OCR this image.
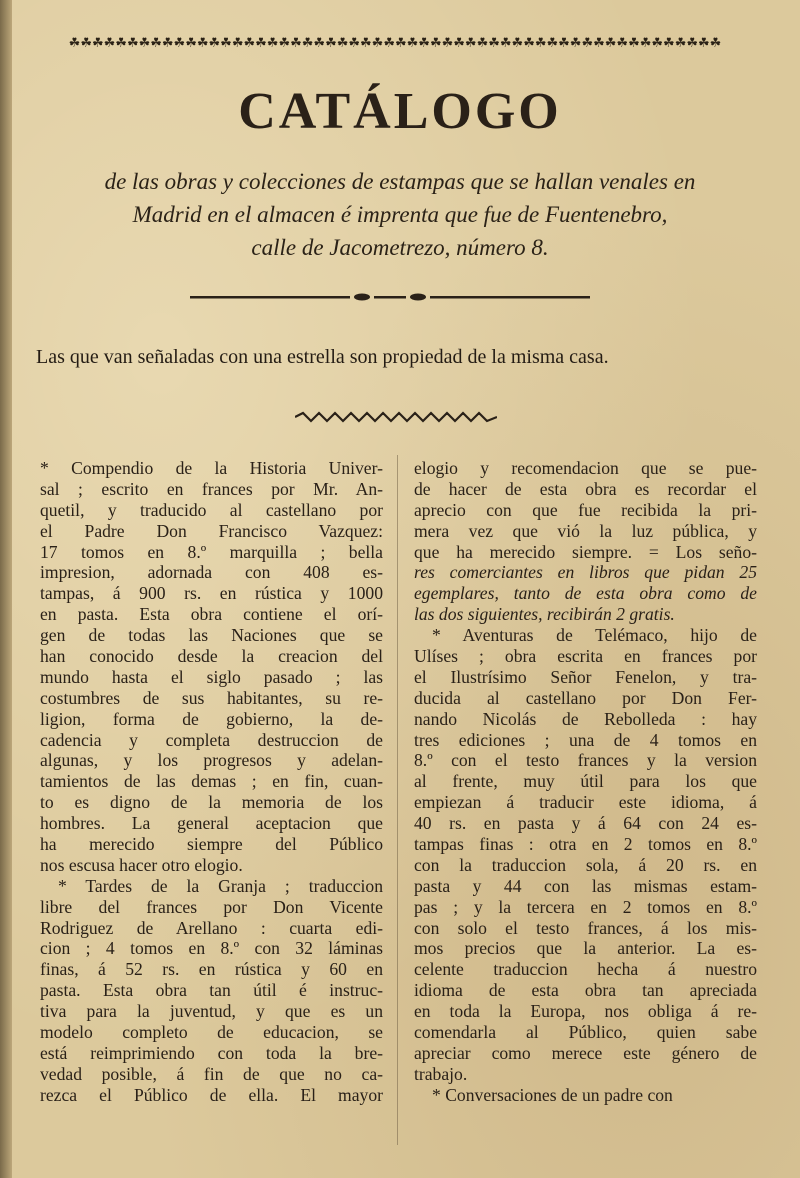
☘☘☘☘☘☘☘☘☘☘☘☘☘☘☘☘☘☘☘☘☘☘☘☘☘☘☘☘☘☘☘☘☘☘☘☘☘☘☘☘☘☘☘☘☘☘☘☘☘☘☘☘☘☘☘☘
CATÁLOGO
de las obras y colecciones de estampas que se hallan venales en
Madrid en el almacen é imprenta que fue de Fuentenebro,
calle de Jacometrezo, número 8.
Las que van señaladas con una estrella son propiedad de la misma casa.
* Compendio de la Historia Univer-
sal ; escrito en frances por Mr. An-
quetil, y traducido al castellano por
el Padre Don Francisco Vazquez:
17 tomos en 8.º marquilla ; bella
impresion, adornada con 408 es-
tampas, á 900 rs. en rústica y 1000
en pasta. Esta obra contiene el orí-
gen de todas las Naciones que se
han conocido desde la creacion del
mundo hasta el siglo pasado ; las
costumbres de sus habitantes, su re-
ligion, forma de gobierno, la de-
cadencia y completa destruccion de
algunas, y los progresos y adelan-
tamientos de las demas ; en fin, cuan-
to es digno de la memoria de los
hombres. La general aceptacion que
ha merecido siempre del Público
nos escusa hacer otro elogio.
* Tardes de la Granja ; traduccion
libre del frances por Don Vicente
Rodriguez de Arellano : cuarta edi-
cion ; 4 tomos en 8.º con 32 láminas
finas, á 52 rs. en rústica y 60 en
pasta. Esta obra tan útil é instruc-
tiva para la juventud, y que es un
modelo completo de educacion, se
está reimprimiendo con toda la bre-
vedad posible, á fin de que no ca-
rezca el Público de ella. El mayor
elogio y recomendacion que se pue-
de hacer de esta obra es recordar el
aprecio con que fue recibida la pri-
mera vez que vió la luz pública, y
que ha merecido siempre. = Los seño-
res comerciantes en libros que pidan 25
egemplares, tanto de esta obra como de
las dos siguientes, recibirán 2 gratis.
* Aventuras de Telémaco, hijo de
Ulíses ; obra escrita en frances por
el Ilustrísimo Señor Fenelon, y tra-
ducida al castellano por Don Fer-
nando Nicolás de Rebolleda : hay
tres ediciones ; una de 4 tomos en
8.º con el testo frances y la version
al frente, muy útil para los que
empiezan á traducir este idioma, á
40 rs. en pasta y á 64 con 24 es-
tampas finas : otra en 2 tomos en 8.º
con la traduccion sola, á 20 rs. en
pasta y 44 con las mismas estam-
pas ; y la tercera en 2 tomos en 8.º
con solo el testo frances, á los mis-
mos precios que la anterior. La es-
celente traduccion hecha á nuestro
idioma de esta obra tan apreciada
en toda la Europa, nos obliga á re-
comendarla al Público, quien sabe
apreciar como merece este género de
trabajo.
* Conversaciones de un padre con
